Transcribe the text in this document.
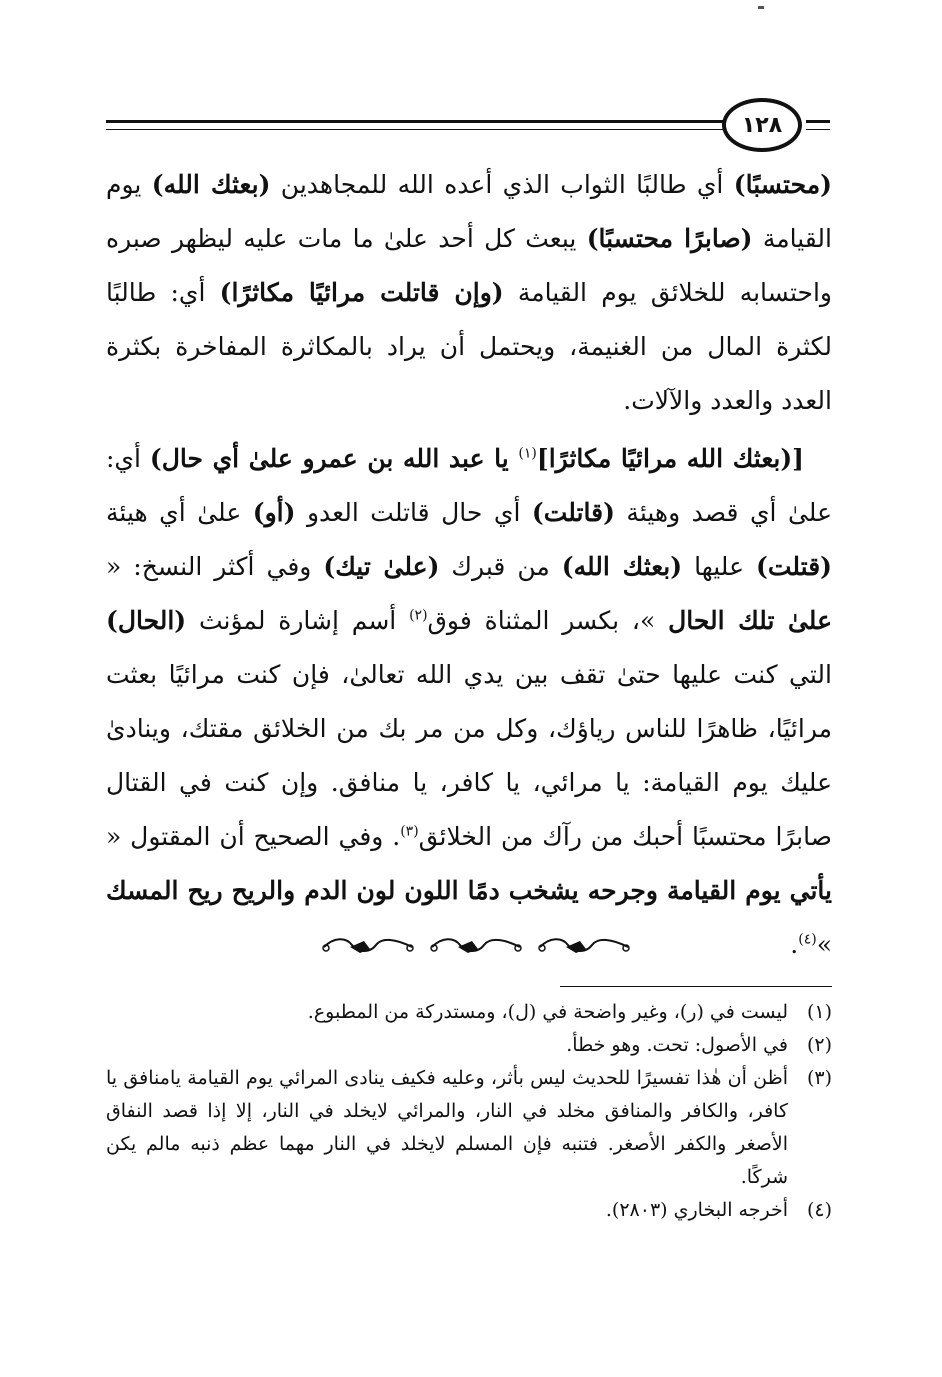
١٢٨

(محتسبًا) أي طالبًا الثواب الذي أعده الله للمجاهدين (بعثك الله) يوم القيامة (صابرًا محتسبًا) يبعث كل أحد علىٰ ما مات عليه ليظهر صبره واحتسابه للخلائق يوم القيامة (وإن قاتلت مرائيًا مكاثرًا) أي: طالبًا لكثرة المال من الغنيمة، ويحتمل أن يراد بالمكاثرة المفاخرة بكثرة العدد والعدد والآلات.

[(بعثك الله مرائيًا مكاثرًا]$^{(١)}$ يا عبد الله بن عمرو علىٰ أي حال) أي: علىٰ أي قصد وهيئة (قاتلت) أي حال قاتلت العدو (أو) علىٰ أي هيئة (قتلت) عليها (بعثك الله) من قبرك (علىٰ تيك) وفي أكثر النسخ: « علىٰ تلك الحال »، بكسر المثناة فوق$^{(٢)}$ أسم إشارة لمؤنث (الحال) التي كنت عليها حتىٰ تقف بين يدي الله تعالىٰ، فإن كنت مرائيًا بعثت مرائيًا، ظاهرًا للناس رياؤك، وكل من مر بك من الخلائق مقتك، وينادىٰ عليك يوم القيامة: يا مرائي، يا كافر، يا منافق. وإن كنت في القتال صابرًا محتسبًا أحبك من رآك من الخلائق$^{(٣)}$. وفي الصحيح أن المقتول « يأتي يوم القيامة وجرحه يشخب دمًا اللون لون الدم والريح ريح المسك »$^{(٤)}$.

(١)
ليست في (ر)، وغير واضحة في (ل)، ومستدركة من المطبوع.
(٢)
في الأصول: تحت. وهو خطأ.
(٣)
أظن أن هٰذا تفسيرًا للحديث ليس بأثر، وعليه فكيف ينادى المرائي يوم القيامة يامنافق يا كافر، والكافر والمنافق مخلد في النار، والمرائي لايخلد في النار، إلا إذا قصد النفاق الأصغر والكفر الأصغر. فتنبه فإن المسلم لايخلد في النار مهما عظم ذنبه مالم يكن شركًا.
(٤)
أخرجه البخاري (٢٨٠٣).
